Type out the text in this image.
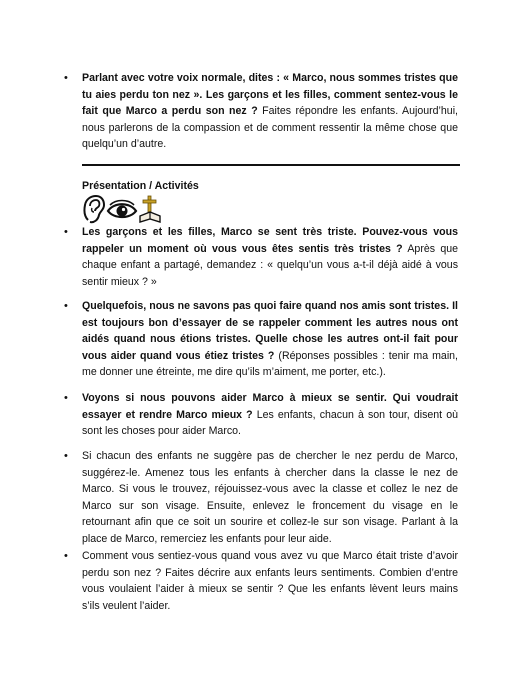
• Parlant avec votre voix normale, dites : « Marco, nous sommes tristes que tu aies perdu ton nez ». Les garçons et les filles, comment sentez-vous le fait que Marco a perdu son nez ? Faites répondre les enfants. Aujourd’hui, nous parlerons de la compassion et de comment ressentir la même chose que quelqu’un d’autre.
Présentation / Activités
• Les garçons et les filles, Marco se sent très triste. Pouvez-vous vous rappeler un moment où vous vous êtes sentis très tristes ? Après que chaque enfant a partagé, demandez : « quelqu’un vous a-t-il déjà aidé à vous sentir mieux ? »
• Quelquefois, nous ne savons pas quoi faire quand nos amis sont tristes. Il est toujours bon d’essayer de se rappeler comment les autres nous ont aidés quand nous étions tristes. Quelle chose les autres ont-il fait pour vous aider quand vous étiez tristes ? (Réponses possibles : tenir ma main, me donner une étreinte, me dire qu’ils m’aiment, me porter, etc.).
• Voyons si nous pouvons aider Marco à mieux se sentir. Qui voudrait essayer et rendre Marco mieux ? Les enfants, chacun à son tour, disent où sont les choses pour aider Marco.
• Si chacun des enfants ne suggère pas de chercher le nez perdu de Marco, suggérez-le. Amenez tous les enfants à chercher dans la classe le nez de Marco. Si vous le trouvez, réjouissez-vous avec la classe et collez le nez de Marco sur son visage. Ensuite, enlevez le froncement du visage en le retournant afin que ce soit un sourire et collez-le sur son visage. Parlant à la place de Marco, remerciez les enfants pour leur aide.
• Comment vous sentiez-vous quand vous avez vu que Marco était triste d’avoir perdu son nez ? Faites décrire aux enfants leurs sentiments. Combien d’entre vous voulaient l’aider à mieux se sentir ? Que les enfants lèvent leurs mains s’ils veulent l’aider.
